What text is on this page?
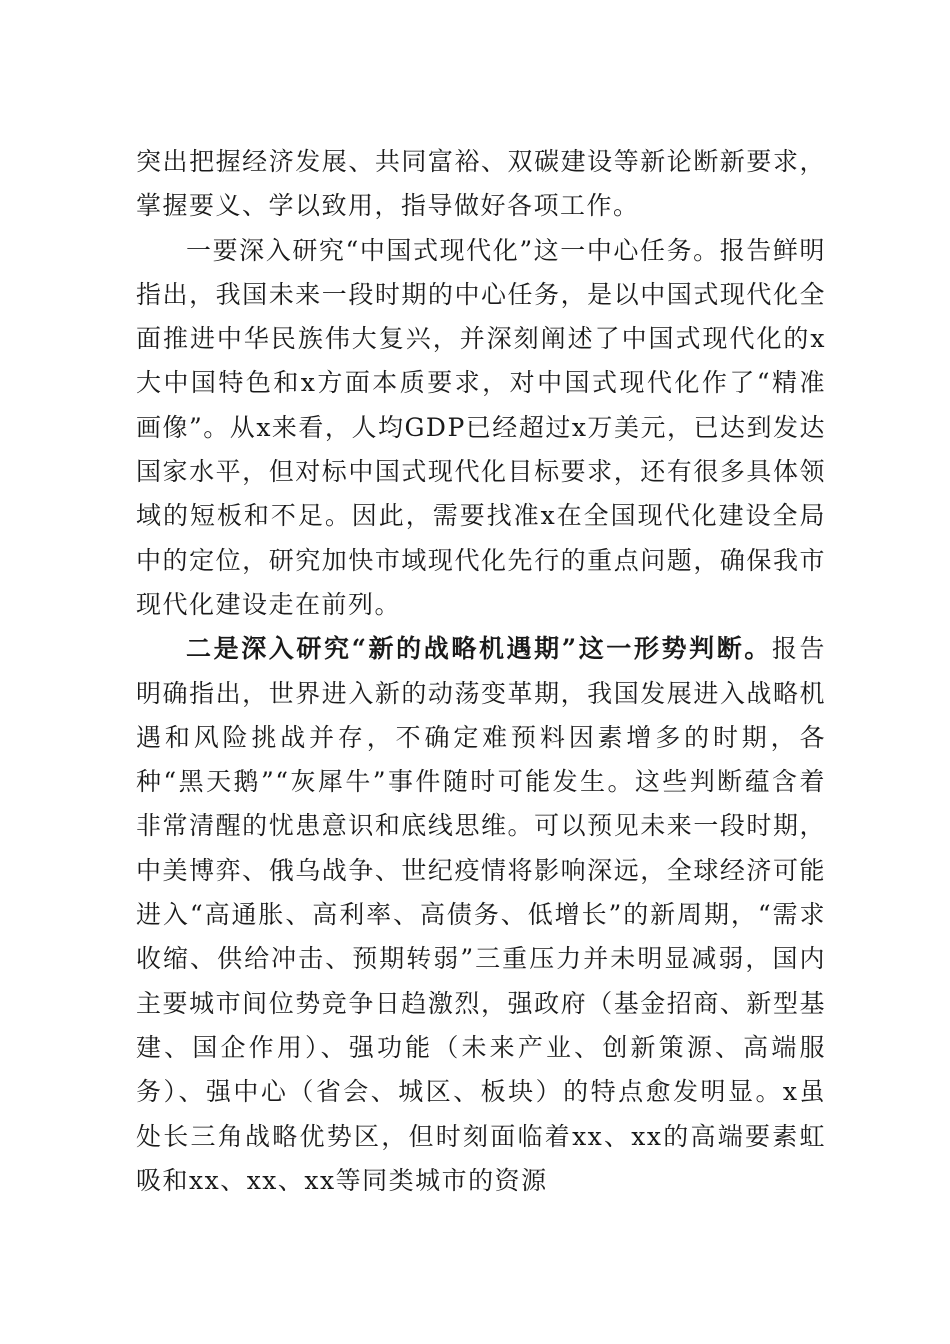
突出把握经济发展、共同富裕、双碳建设等新论断新要求，掌握要义、学以致用，指导做好各项工作。

一要深入研究“中国式现代化”这一中心任务。报告鲜明指出，我国未来一段时期的中心任务，是以中国式现代化全面推进中华民族伟大复兴，并深刻阐述了中国式现代化的x大中国特色和x方面本质要求，对中国式现代化作了“精准画像”。从x来看，人均GDP已经超过x万美元，已达到发达国家水平，但对标中国式现代化目标要求，还有很多具体领域的短板和不足。因此，需要找准x在全国现代化建设全局中的定位，研究加快市域现代化先行的重点问题，确保我市现代化建设走在前列。

二是深入研究“新的战略机遇期”这一形势判断。报告明确指出，世界进入新的动荡变革期，我国发展进入战略机遇和风险挑战并存，不确定难预料因素增多的时期，各种“黑天鹅”“灰犀牛”事件随时可能发生。这些判断蕴含着非常清醒的忧患意识和底线思维。可以预见未来一段时期，中美博弈、俄乌战争、世纪疫情将影响深远，全球经济可能进入“高通胀、高利率、高债务、低增长”的新周期，“需求收缩、供给冲击、预期转弱”三重压力并未明显减弱，国内主要城市间位势竞争日趋激烈，强政府（基金招商、新型基建、国企作用）、强功能（未来产业、创新策源、高端服务）、强中心（省会、城区、板块）的特点愈发明显。x虽处长三角战略优势区，但时刻面临着xx、xx的高端要素虹吸和xx、xx、xx等同类城市的资源
